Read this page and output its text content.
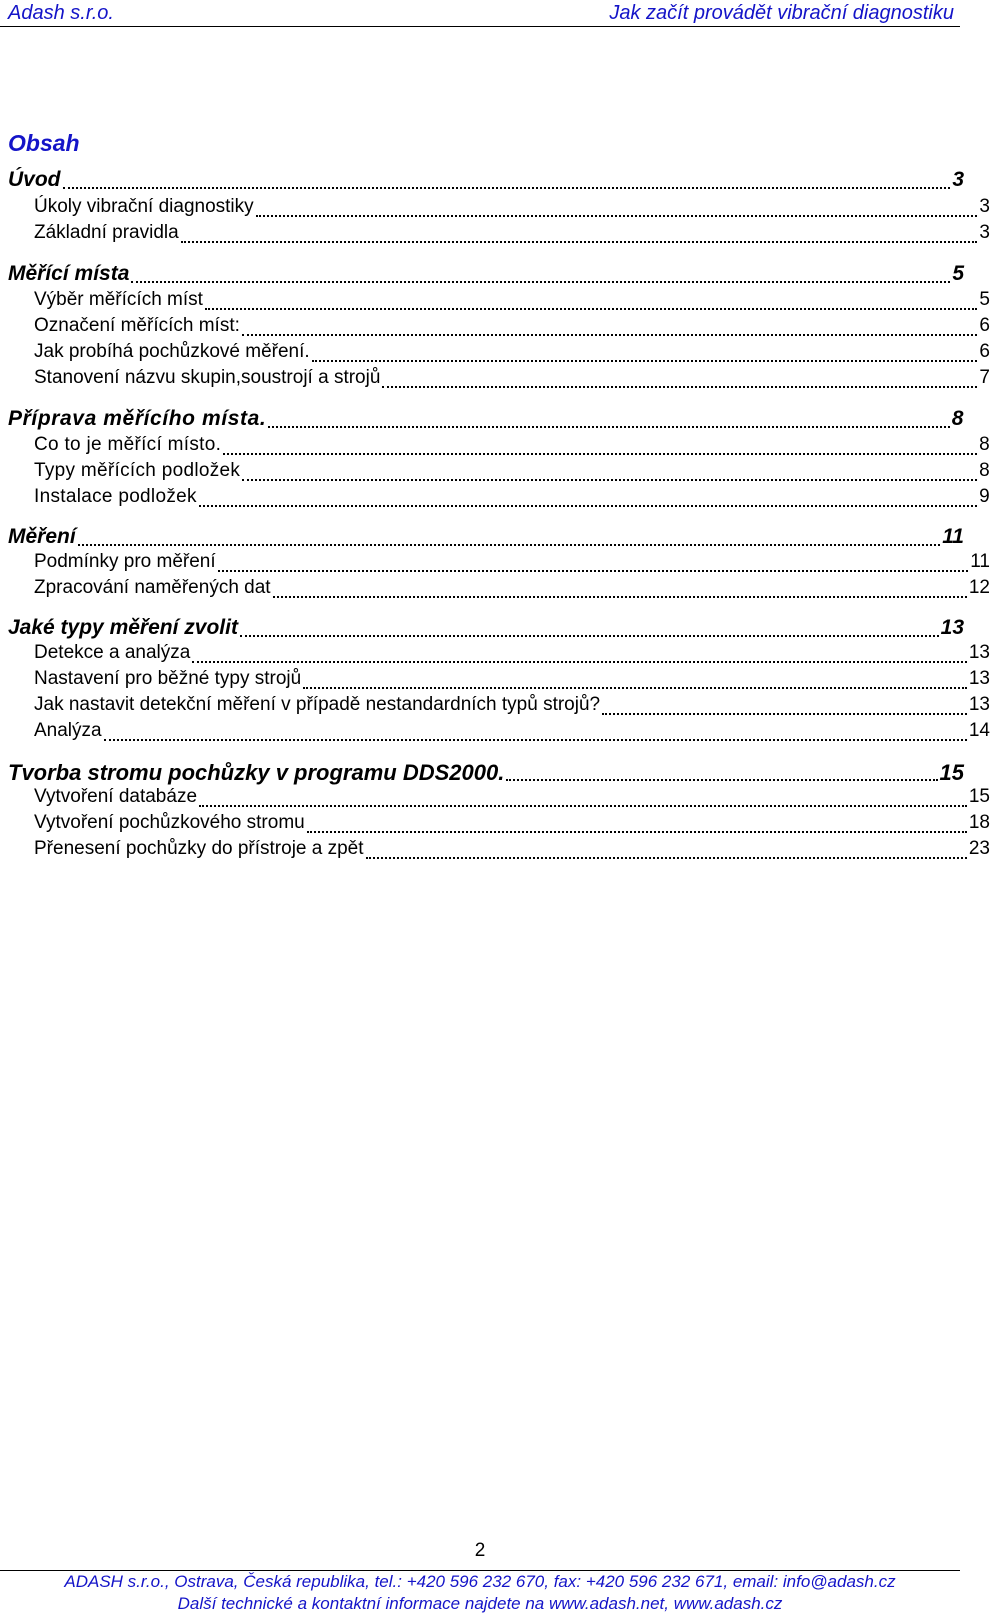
Adash s.r.o.	Jak začít provádět vibrační diagnostiku
Obsah
Úvod	3
Úkoly vibrační diagnostiky	3
Základní pravidla	3
Měřící místa	5
Výběr měřících míst	5
Označení měřících míst:	6
Jak probíhá pochůzkové měření.	6
Stanovení názvu skupin,soustrojí a strojů	7
Příprava měřícího místa.	8
Co to je měřící místo.	8
Typy měřících podložek	8
Instalace podložek	9
Měření	11
Podmínky pro měření	11
Zpracování naměřených dat	12
Jaké typy měření zvolit	13
Detekce a analýza	13
Nastavení pro běžné typy strojů	13
Jak nastavit detekční měření v případě nestandardních typů strojů?	13
Analýza	14
Tvorba stromu pochůzky v programu DDS2000.	15
Vytvoření databáze	15
Vytvoření pochůzkového stromu	18
Přenesení pochůzky do přístroje a zpět	23
2
ADASH s.r.o., Ostrava, Česká republika, tel.: +420 596 232 670, fax: +420 596 232 671, email: info@adash.cz
Další technické a kontaktní informace najdete na www.adash.net, www.adash.cz
